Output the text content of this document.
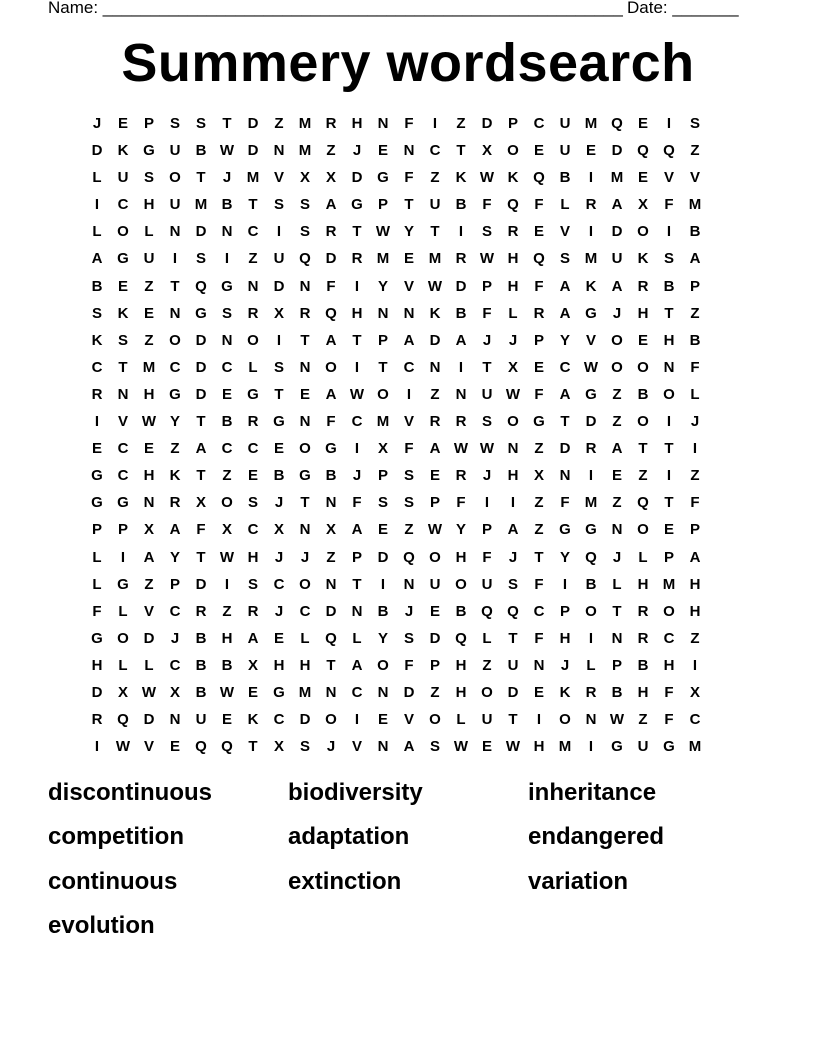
Name: _______________________________________________________ Date: _______
Summery wordsearch
J E P S S T D Z M R H N F I Z D P C U M Q E I S
D K G U B W D N M Z J E N C T X O E U E D Q Q Z
L U S O T J M V X X D G F Z K W K Q B I M E V V
I C H U M B T S S A G P T U B F Q F L R A X F M
L O L N D N C I S R T W Y T I S R E V I D O I B
A G U I S I Z U Q D R M E M R W H Q S M U K S A
B E Z T Q G N D N F I Y V W D P H F A K A R B P
S K E N G S R X R Q H N N K B F L R A G J H T Z
K S Z O D N O I T A T P A D A J J P Y V O E H B
C T M C D C L S N O I T C N I T X E C W O O N F
R N H G D E G T E A W O I Z N U W F A G Z B O L
I V W Y T B R G N F C M V R R S O G T D Z O I J
E C E Z A C C E O G I X F A W W N Z D R A T T I
G C H K T Z E B G B J P S E R J H X N I E Z I Z
G G N R X O S J T N F S S P F I I Z F M Z Q T F
P P X A F X C X N X A E Z W Y P A Z G G N O E P
L I A Y T W H J J Z P D Q O H F J T Y Q J L P A
L G Z P D I S C O N T I N U O U S F I B L H M H
F L V C R Z R J C D N B J E B Q Q C P O T R O H
G O D J B H A E L Q L Y S D Q L T F H I N R C Z
H L L C B B X H H T A O F P H Z U N J L P B H I
D X W X B W E G M N C N D Z H O D E K R B H F X
R Q D N U E K C D O I E V O L U T I O N W Z F C
I W V E Q Q T X S J V N A S W E W H M I G U G M
discontinuous	biodiversity	inheritance
competition	adaptation	endangered
continuous	extinction	variation
evolution
